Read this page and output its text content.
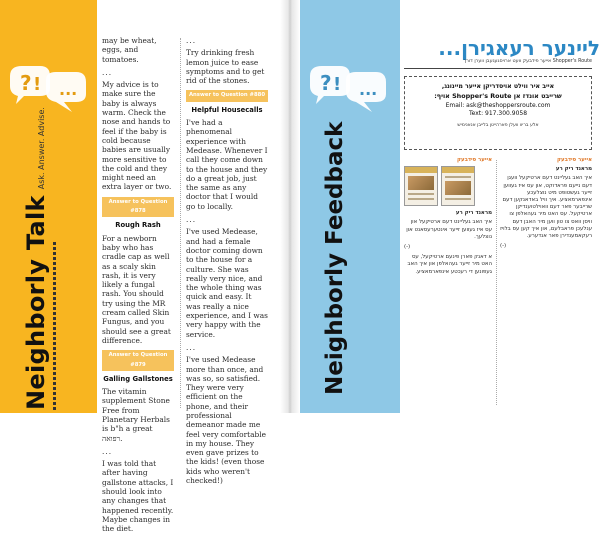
? ! ...
Neighborly TalkAsk. Answer. Advise.

may be wheat, eggs, and tomatoes.

...

My advice is to make sure the baby is always warm. Check the nose and hands to feel if the baby is cold because babies are usually more sensitive to the cold and they might need an extra layer or two.

Answer to Question #878
Rough Rash

For a newborn baby who has cradle cap as well as a scaly skin rash, it is very likely a fungal rash. You should try using the MR cream called Skin Fungus, and you should see a great difference.

Answer to Question #879
Galling Gallstones

The vitamin supplement Stone Free from Planetary Herbals is b"h a great רפואה.

...

I was told that after having gallstone attacks, I should look into any changes that happened recently. Maybe changes in the diet.

...

Try drinking fresh lemon juice to ease symptoms and to get rid of the stones.

Answer to Question #880
Helpful Housecalls

I've had a phenomenal experience with Medease. Whenever I call they come down to the house and they do a great job, just the same as any doctor that I would go to locally.

...

I've used Medease, and had a female doctor coming down to the house for a culture. She was really very nice, and the whole thing was quick and easy. It was really a nice experience, and I was very happy with the service.

...

I've used Medease more than once, and was so, so satisfied. They were very efficient on the phone, and their professional demeanor made me feel very comfortable in my house. They even gave prizes to the kids! (even those kids who weren't checked!)

? ! ...
Neighborly Feedback
ליינער רעאגירן...
אייער פידבעק וועט ארויסגעגעבן ווערן דורך Shopper's Route
אייב איר ווילט אויסדריקן אייער מיינונג,
שרייבט אונדז אן Shopper's Route אויף:
Email: ask@theshoppersroute.com
Text: 917.300.9058
אלע בריוו וועלן פארהייטן בלייבן אנאנימיש
אייער פידבעק
מראנד ריק רע

איך האב געליינט דעם ארטיקעל און עס איז געווען זייער אינטערעסאנט און נוצלעך.

(-)

א דאנק פארן פינעם ארטיקעל, עס האט מיר זייער געהאלפן און איך האב געפונען די רעכטע אינפארמאציע.

אייער פידבעק
מראנד ריק רע

איך האב געליינט דעם ארטיקעל וועגן דעם נייעם פראדוקט, און עס איז געווען זייער געשטופט מיט נוצלעכע אינפארמאציע. איך וויל באדאנקען דעם שרייבער פאר דעם וואוילטוענדיקן ארטיקעל. עס האט מיר געהאלפן צו וויסן וואס צו טון ווען מיר האבן דעם ענלעכן פראבלעם, און איך קען עס בלויז רעקאמענדירן פאר אנדערע.

(-)
